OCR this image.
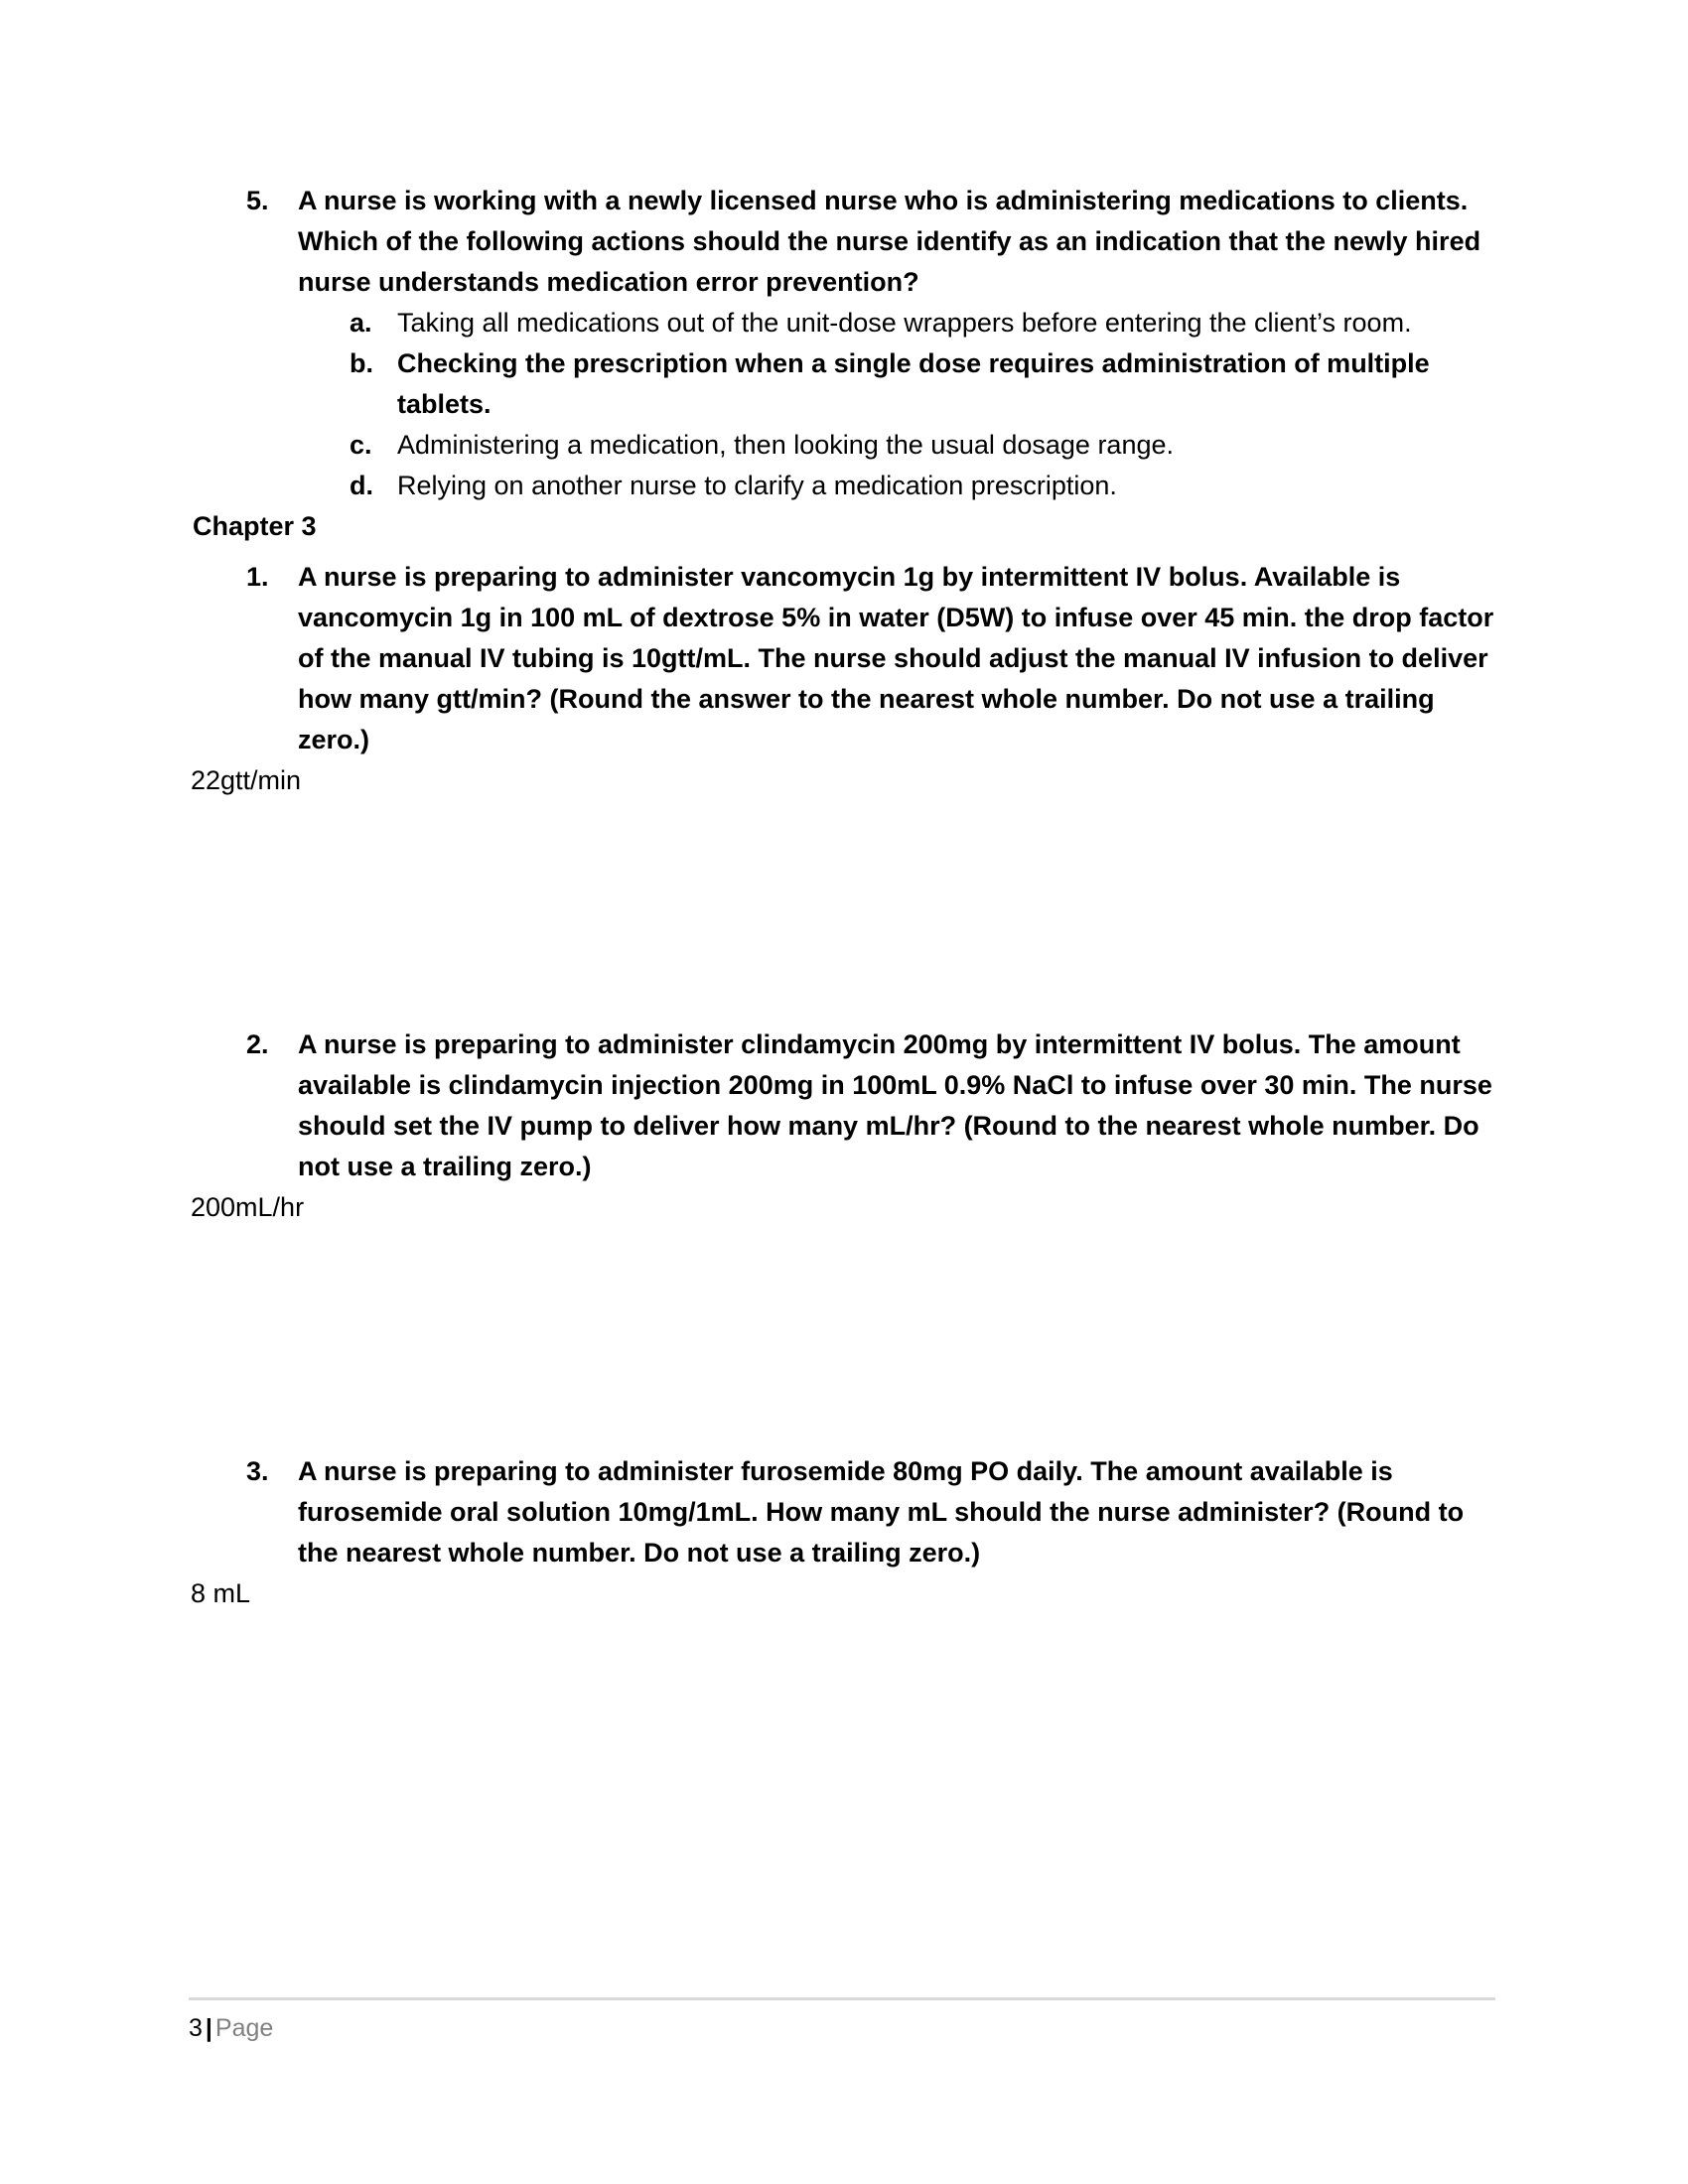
5.	A nurse is working with a newly licensed nurse who is administering medications to clients. Which of the following actions should the nurse identify as an indication that the newly hired nurse understands medication error prevention?
a. Taking all medications out of the unit-dose wrappers before entering the client’s room.
b. Checking the prescription when a single dose requires administration of multiple tablets.
c. Administering a medication, then looking the usual dosage range.
d. Relying on another nurse to clarify a medication prescription.
Chapter 3
1.	A nurse is preparing to administer vancomycin 1g by intermittent IV bolus. Available is vancomycin 1g in 100 mL of dextrose 5% in water (D5W) to infuse over 45 min. the drop factor of the manual IV tubing is 10gtt/mL. The nurse should adjust the manual IV infusion to deliver how many gtt/min? (Round the answer to the nearest whole number. Do not use a trailing zero.)
22gtt/min
2.	A nurse is preparing to administer clindamycin 200mg by intermittent IV bolus. The amount available is clindamycin injection 200mg in 100mL 0.9% NaCl to infuse over 30 min. The nurse should set the IV pump to deliver how many mL/hr? (Round to the nearest whole number. Do not use a trailing zero.)
200mL/hr
3.	A nurse is preparing to administer furosemide 80mg PO daily. The amount available is furosemide oral solution 10mg/1mL. How many mL should the nurse administer? (Round to the nearest whole number. Do not use a trailing zero.)
8 mL
3 | Page
